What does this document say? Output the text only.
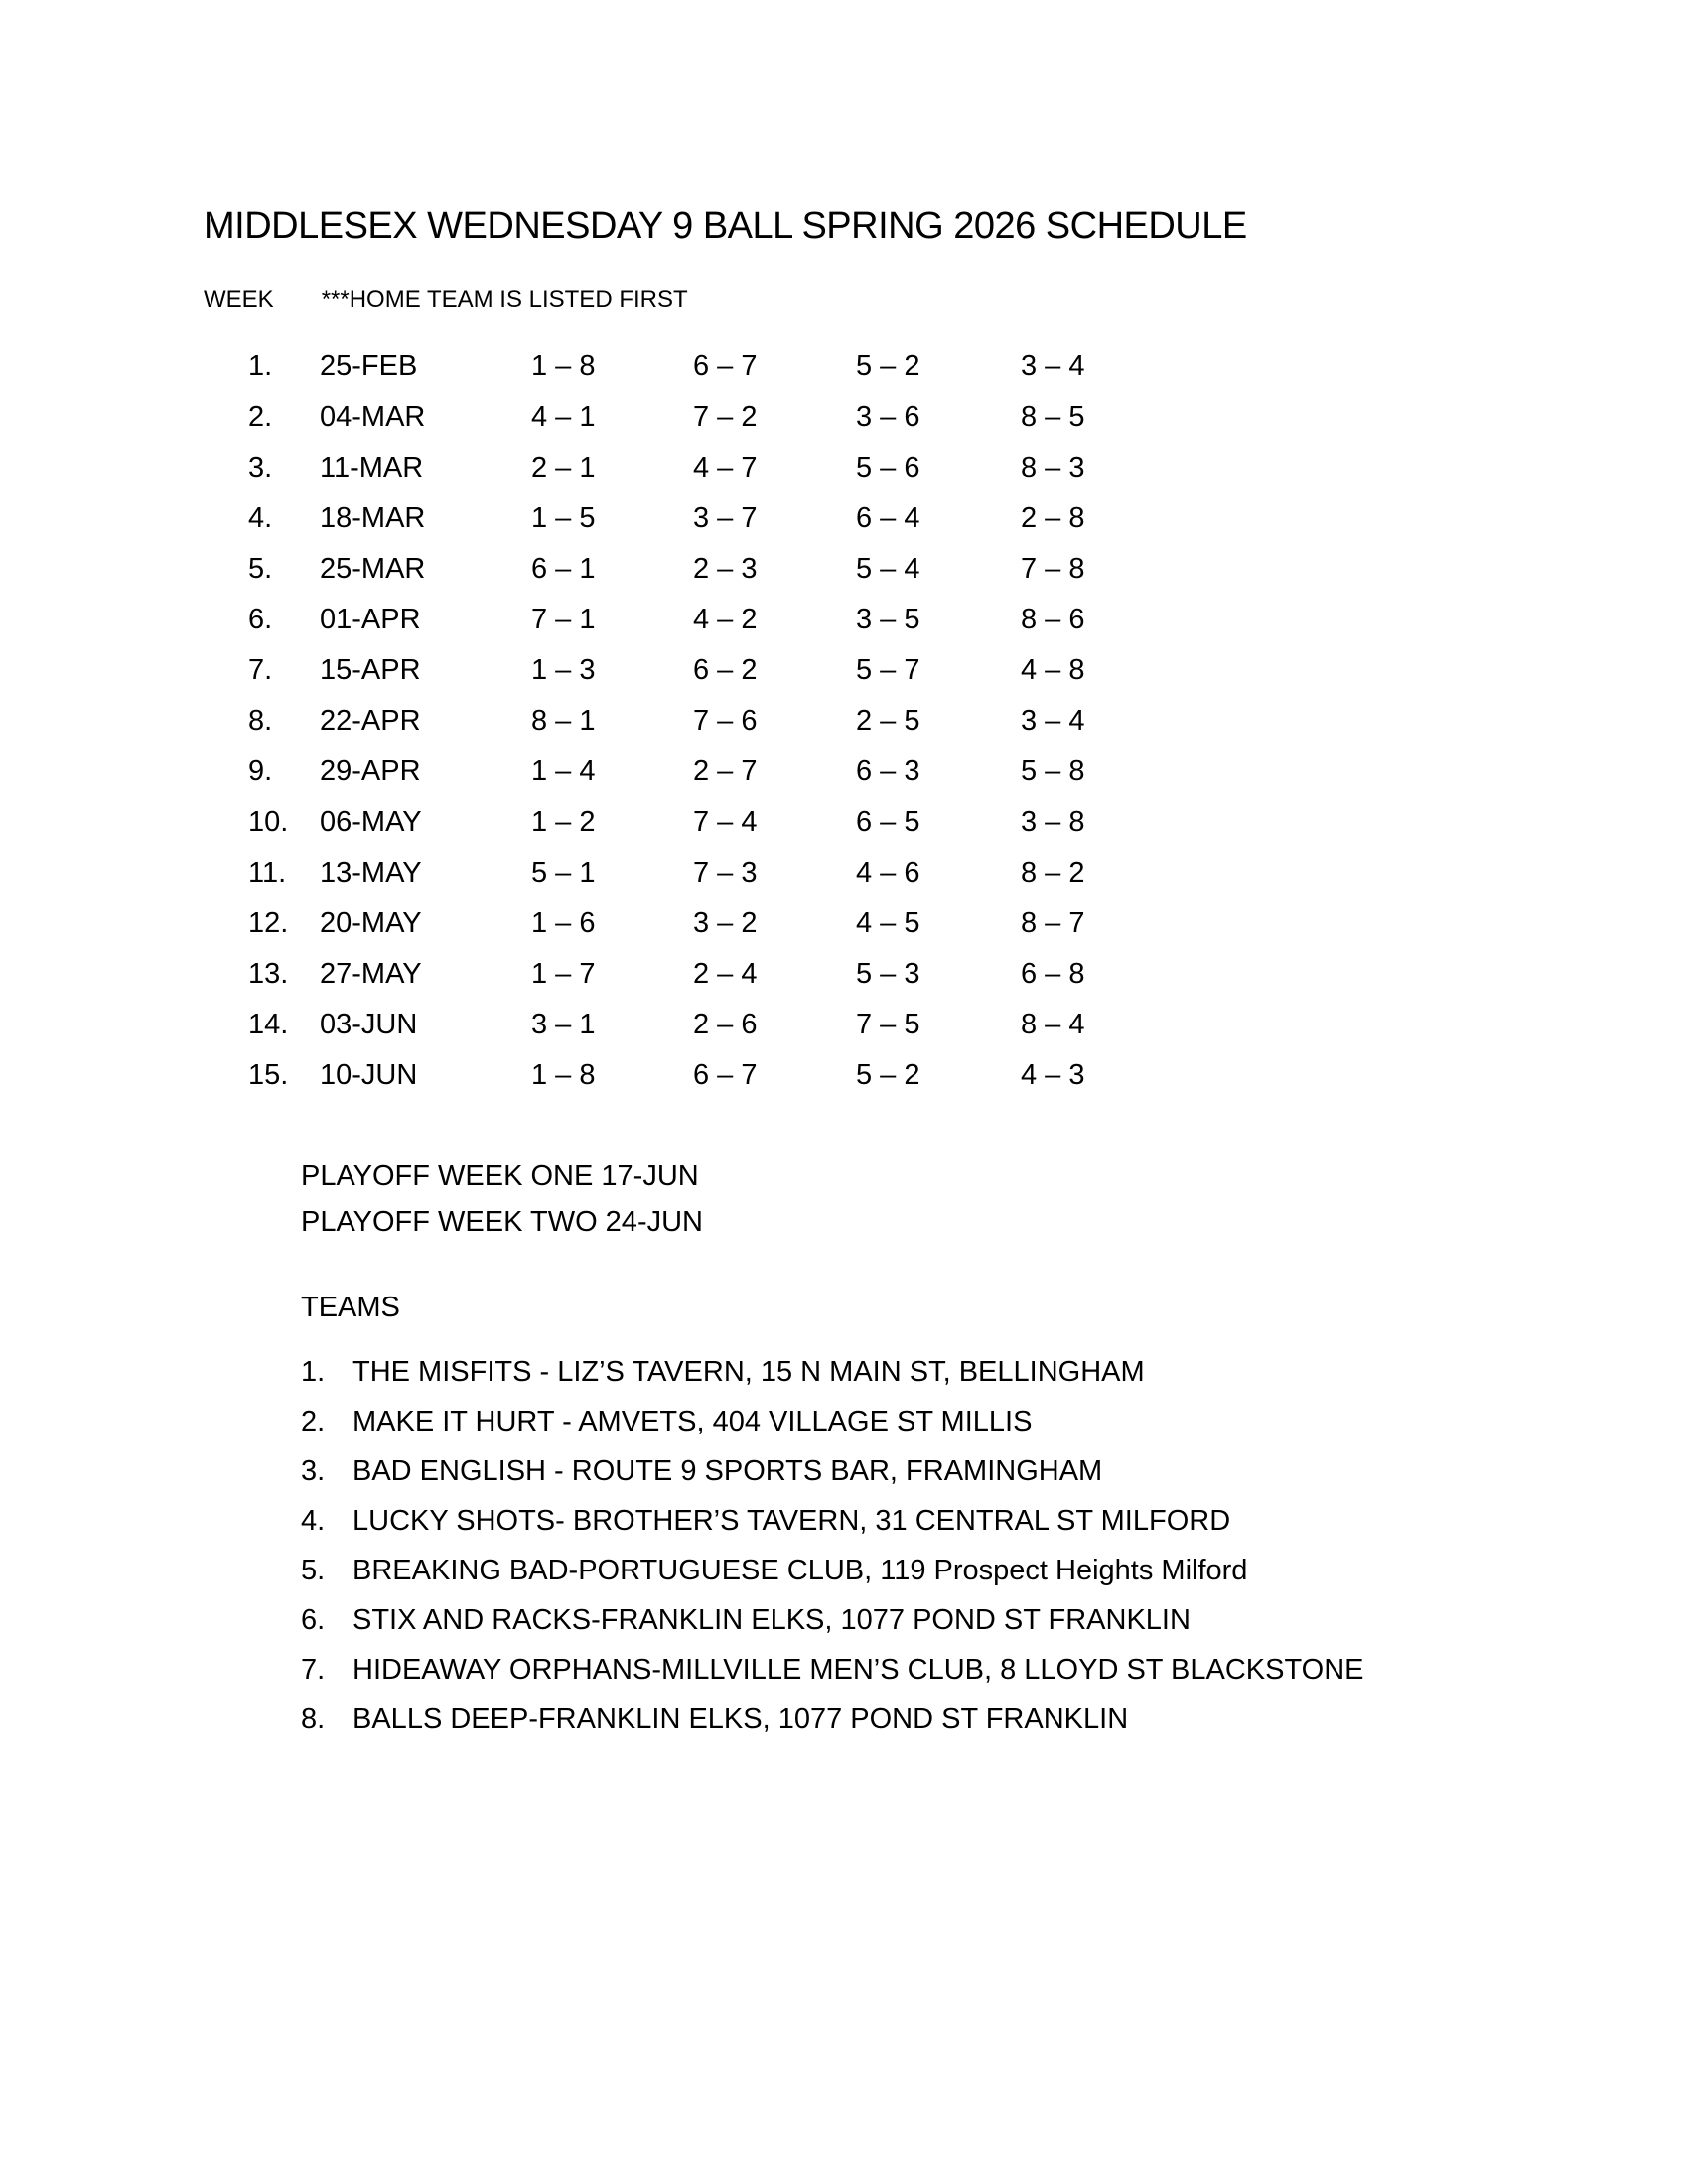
MIDDLESEX WEDNESDAY 9 BALL SPRING 2026 SCHEDULE
WEEK ***HOME TEAM IS LISTED FIRST
1.	25-FEB	1 – 8	6 – 7	5 – 2	3 – 4
2.	04-MAR	4 – 1	7 – 2	3 – 6	8 – 5
3.	11-MAR	2 – 1	4 – 7	5 – 6	8 – 3
4.	18-MAR	1 – 5	3 – 7	6 – 4	2 – 8
5.	25-MAR	6 – 1	2 – 3	5 – 4	7 – 8
6.	01-APR	7 – 1	4 – 2	3 – 5	8 – 6
7.	15-APR	1 – 3	6 – 2	5 – 7	4 – 8
8.	22-APR	8 – 1	7 – 6	2 – 5	3 – 4
9.	29-APR	1 – 4	2 – 7	6 – 3	5 – 8
10.	06-MAY	1 – 2	7 – 4	6 – 5	3 – 8
11.	13-MAY	5 – 1	7 – 3	4 – 6	8 – 2
12.	20-MAY	1 – 6	3 – 2	4 – 5	8 – 7
13.	27-MAY	1 – 7	2 – 4	5 – 3	6 – 8
14.	03-JUN	3 – 1	2 – 6	7 – 5	8 – 4
15.	10-JUN	1 – 8	6 – 7	5 – 2	4 – 3
PLAYOFF WEEK ONE 17-JUN
PLAYOFF WEEK TWO 24-JUN
TEAMS
1. THE MISFITS - LIZ’S TAVERN, 15 N MAIN ST, BELLINGHAM
2. MAKE IT HURT - AMVETS, 404 VILLAGE ST MILLIS
3. BAD ENGLISH - ROUTE 9 SPORTS BAR, FRAMINGHAM
4. LUCKY SHOTS- BROTHER’S TAVERN, 31 CENTRAL ST MILFORD
5. BREAKING BAD-PORTUGUESE CLUB, 119 Prospect Heights Milford
6. STIX AND RACKS-FRANKLIN ELKS, 1077 POND ST FRANKLIN
7. HIDEAWAY ORPHANS-MILLVILLE MEN’S CLUB, 8 LLOYD ST BLACKSTONE
8. BALLS DEEP-FRANKLIN ELKS, 1077 POND ST FRANKLIN
